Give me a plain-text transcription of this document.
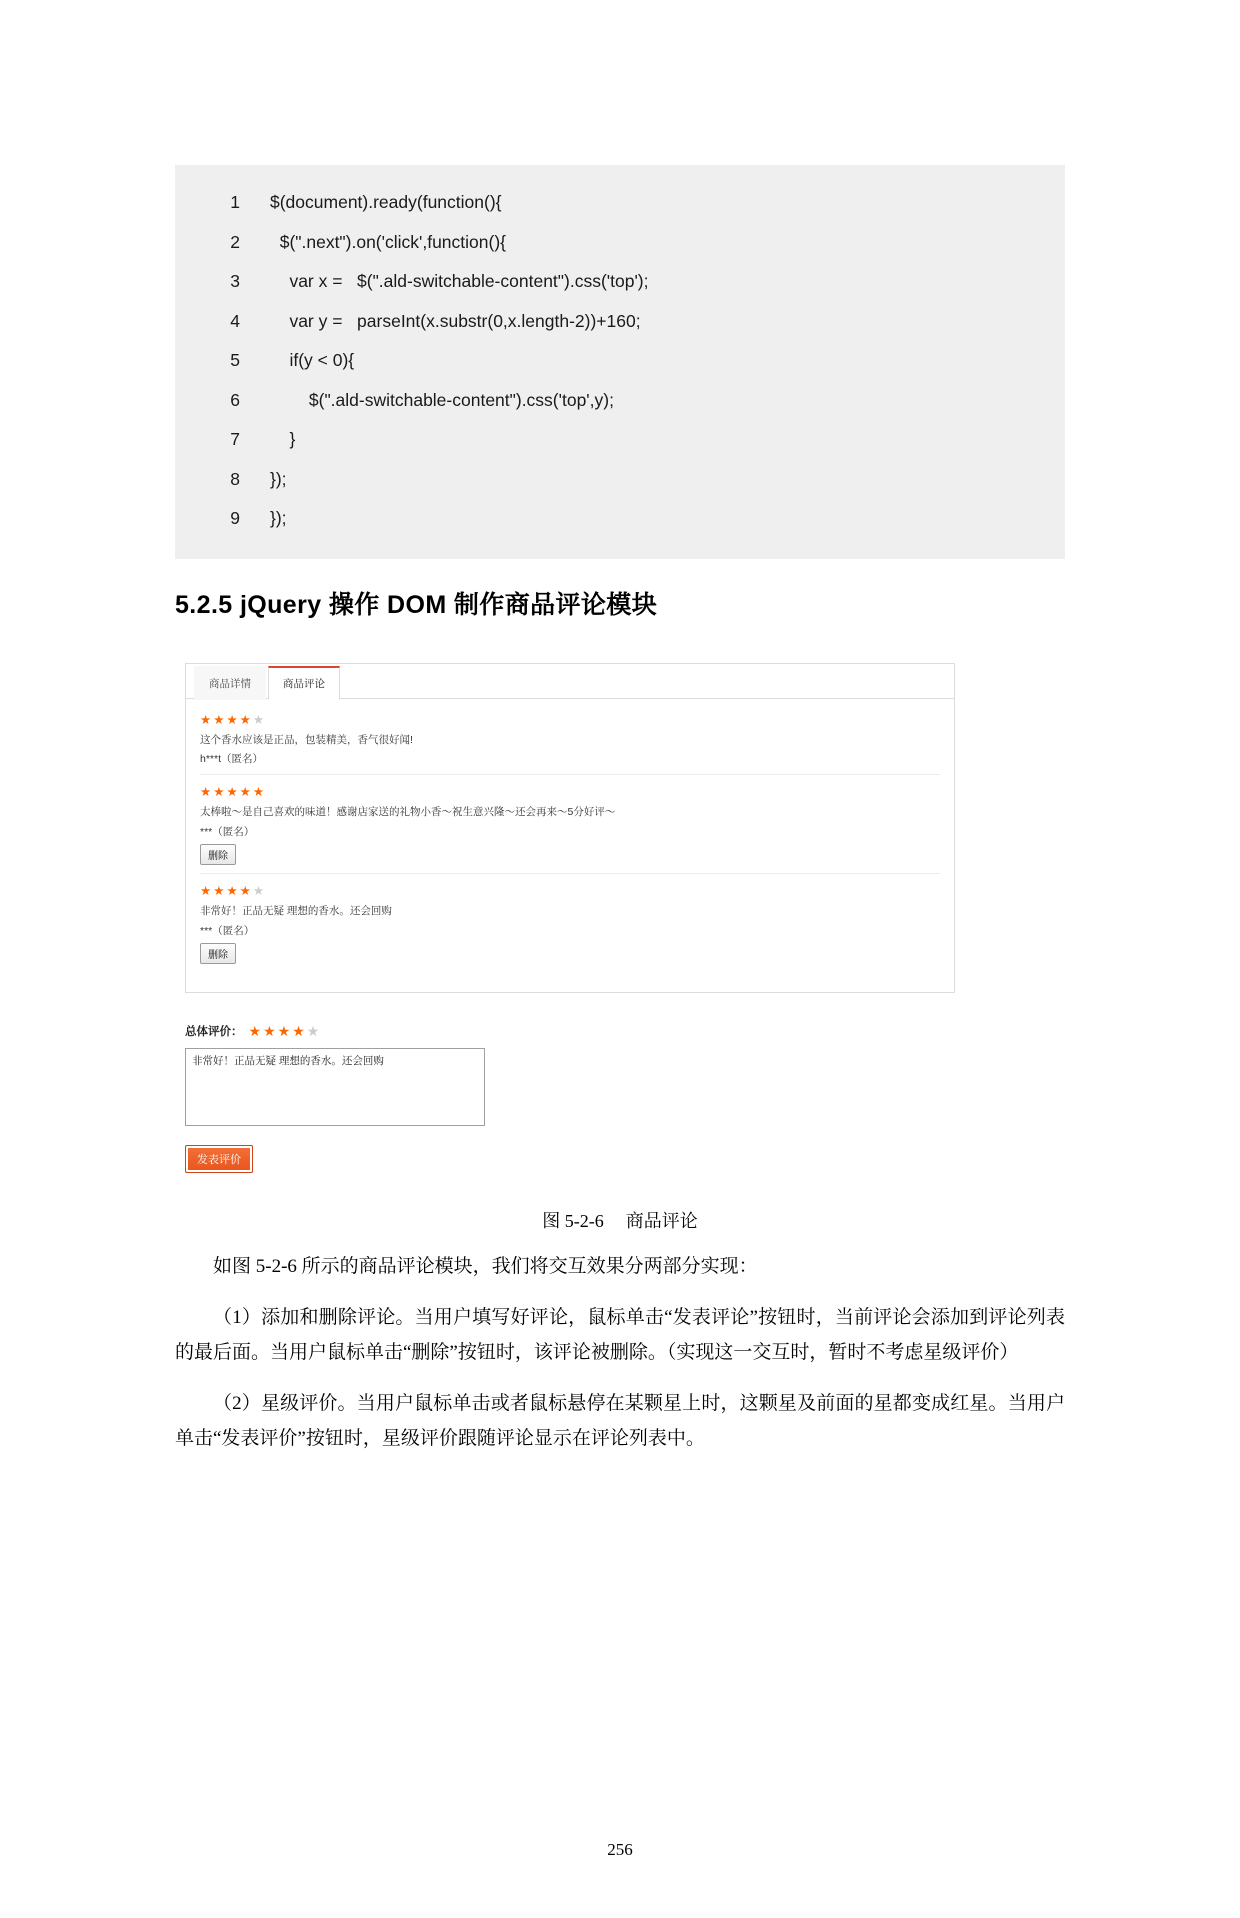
1	$(document).ready(function(){
2	$(".next").on('click',function(){
3	var x =   $(".ald-switchable-content").css('top');
4	var y =   parseInt(x.substr(0,x.length-2))+160;
5	if(y < 0){
6	$(".ald-switchable-content").css('top',y);
7	}
8	});
9	});
5.2.5 jQuery 操作 DOM 制作商品评论模块
商品详情	商品评论
★★★★★
这个香水应该是正品，包装精美，香气很好闻!
h***t（匿名）
★★★★★
太棒啦～是自己喜欢的味道！感谢店家送的礼物小香～祝生意兴隆～还会再来～5分好评～
***（匿名）
删除
★★★★★
非常好！正品无疑 理想的香水。还会回购
***（匿名）
删除
总体评价： ★★★★★
非常好！正品无疑 理想的香水。还会回购
发表评价
图 5-2-6 商品评论

如图 5-2-6 所示的商品评论模块，我们将交互效果分两部分实现：

（1）添加和删除评论。当用户填写好评论，鼠标单击“发表评论”按钮时，当前评论会添加到评论列表的最后面。当用户鼠标单击“删除”按钮时，该评论被删除。（实现这一交互时，暂时不考虑星级评价）

（2）星级评价。当用户鼠标单击或者鼠标悬停在某颗星上时，这颗星及前面的星都变成红星。当用户单击“发表评价”按钮时，星级评价跟随评论显示在评论列表中。

256
